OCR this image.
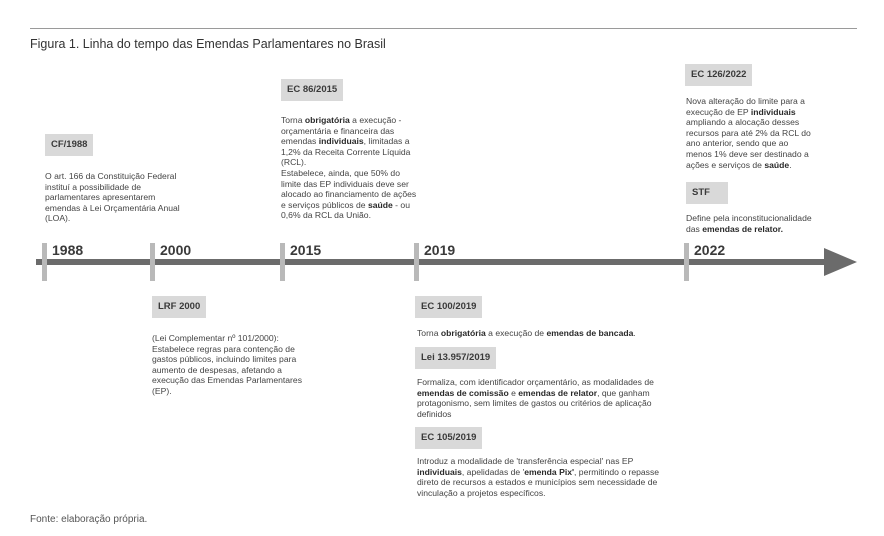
Figura 1. Linha do tempo das Emendas Parlamentares no Brasil
CF/1988
O art. 166 da Constituição Federal instituí a possibilidade de parlamentares apresentarem emendas à Lei Orçamentária Anual (LOA).
EC 86/2015
Torna obrigatória a execução - orçamentária e financeira das emendas individuais, limitadas a 1,2% da Receita Corrente Líquida (RCL).
Estabelece, ainda, que 50% do limite das EP individuais deve ser alocado ao financiamento de ações e serviços públicos de saúde - ou 0,6% da RCL da União.
EC 126/2022
Nova alteração do limite para a execução de EP individuais ampliando a alocação desses recursos para até 2% da RCL do ano anterior, sendo que ao menos 1% deve ser destinado a ações e serviços de saúde.
STF
Define pela inconstitucionalidade das emendas de relator.
1988	2000	2015	2019	2022
LRF 2000
(Lei Complementar nº 101/2000): Estabelece regras para contenção de gastos públicos, incluindo limites para aumento de despesas, afetando a execução das Emendas Parlamentares (EP).
EC 100/2019
Torna obrigatória a execução de emendas de bancada.
Lei 13.957/2019
Formaliza, com identificador orçamentário, as modalidades de emendas de comissão e emendas de relator, que ganham protagonismo, sem limites de gastos ou critérios de aplicação definidos
EC 105/2019
Introduz a modalidade de 'transferência especial' nas EP individuais, apelidadas de 'emenda Pix', permitindo o repasse direto de recursos a estados e municípios sem necessidade de vinculação a projetos específicos.
Fonte: elaboração própria.
